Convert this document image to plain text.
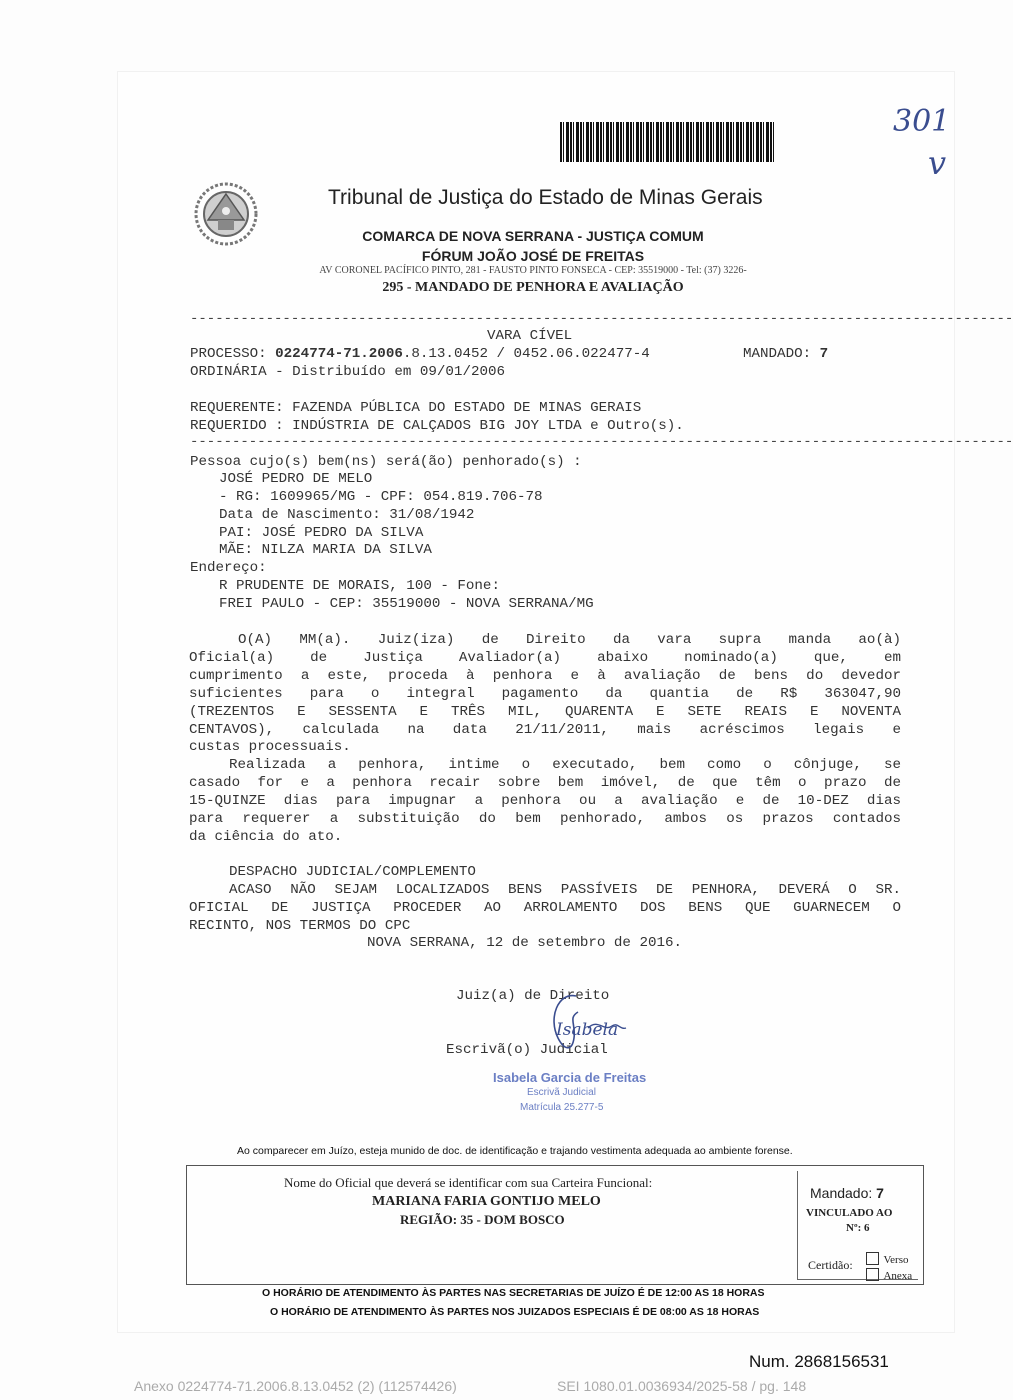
301
v
Tribunal de Justiça do Estado de Minas Gerais
COMARCA DE NOVA SERRANA - JUSTIÇA COMUM
FÓRUM JOÃO JOSÉ DE FREITAS
AV CORONEL PACÍFICO PINTO, 281 - FAUSTO PINTO FONSECA - CEP: 35519000 - Tel: (37) 3226-
295 - MANDADO DE PENHORA E AVALIAÇÃO
--------------------------------------------------------------------------------------------------
VARA CÍVEL
PROCESSO: 0224774-71.2006.8.13.0452 / 0452.06.022477-4	MANDADO: 7
ORDINÁRIA - Distribuído em 09/01/2006
REQUERENTE: FAZENDA PÚBLICA DO ESTADO DE MINAS GERAIS
REQUERIDO : INDÚSTRIA DE CALÇADOS BIG JOY LTDA e Outro(s).
--------------------------------------------------------------------------------------------------
Pessoa cujo(s) bem(ns) será(ão) penhorado(s) :
JOSÉ PEDRO DE MELO
- RG: 1609965/MG - CPF: 054.819.706-78
Data de Nascimento: 31/08/1942
PAI: JOSÉ PEDRO DA SILVA
MÃE: NILZA MARIA DA SILVA
Endereço:
R PRUDENTE DE MORAIS, 100 - Fone:
FREI PAULO - CEP: 35519000 - NOVA SERRANA/MG
O(A) MM(a). Juiz(iza) de Direito da vara supra manda ao(à)
Oficial(a) de Justiça Avaliador(a) abaixo nominado(a) que, em
cumprimento a este, proceda à penhora e à avaliação de bens do devedor
suficientes para o integral pagamento da quantia de R$ 363047,90
(TREZENTOS E SESSENTA E TRÊS MIL, QUARENTA E SETE REAIS E NOVENTA
CENTAVOS), calculada na data 21/11/2011, mais acréscimos legais e
custas processuais.
Realizada a penhora, intime o executado, bem como o cônjuge, se
casado for e a penhora recair sobre bem imóvel, de que têm o prazo de
15-QUINZE dias para impugnar a penhora ou a avaliação e de 10-DEZ dias
para requerer a substituição do bem penhorado, ambos os prazos contados
da ciência do ato.
DESPACHO JUDICIAL/COMPLEMENTO
ACASO NÃO SEJAM LOCALIZADOS BENS PASSÍVEIS DE PENHORA, DEVERÁ O SR.
OFICIAL DE JUSTIÇA PROCEDER AO ARROLAMENTO DOS BENS QUE GUARNECEM O
RECINTO, NOS TERMOS DO CPC
NOVA SERRANA, 12 de setembro de 2016.
Juiz(a) de Direito
Escrivã(o) Judicial
Isabela
Isabela Garcia de Freitas
Escrivã Judicial
Matrícula 25.277-5
Ao comparecer em Juízo, esteja munido de doc. de identificação e trajando vestimenta adequada ao ambiente forense.
Nome do Oficial que deverá se identificar com sua Carteira Funcional:
MARIANA FARIA GONTIJO MELO
REGIÃO: 35 - DOM BOSCO
Mandado: 7
VINCULADO AO
Nº: 6
Certidão:	Verso
Anexa
O HORÁRIO DE ATENDIMENTO ÀS PARTES NAS SECRETARIAS DE JUÍZO É DE 12:00 AS 18 HORAS
O HORÁRIO DE ATENDIMENTO ÀS PARTES NOS JUIZADOS ESPECIAIS É DE 08:00 AS 18 HORAS
Num. 2868156531
Anexo 0224774-71.2006.8.13.0452 (2) (112574426)	SEI 1080.01.0036934/2025-58 / pg. 148
